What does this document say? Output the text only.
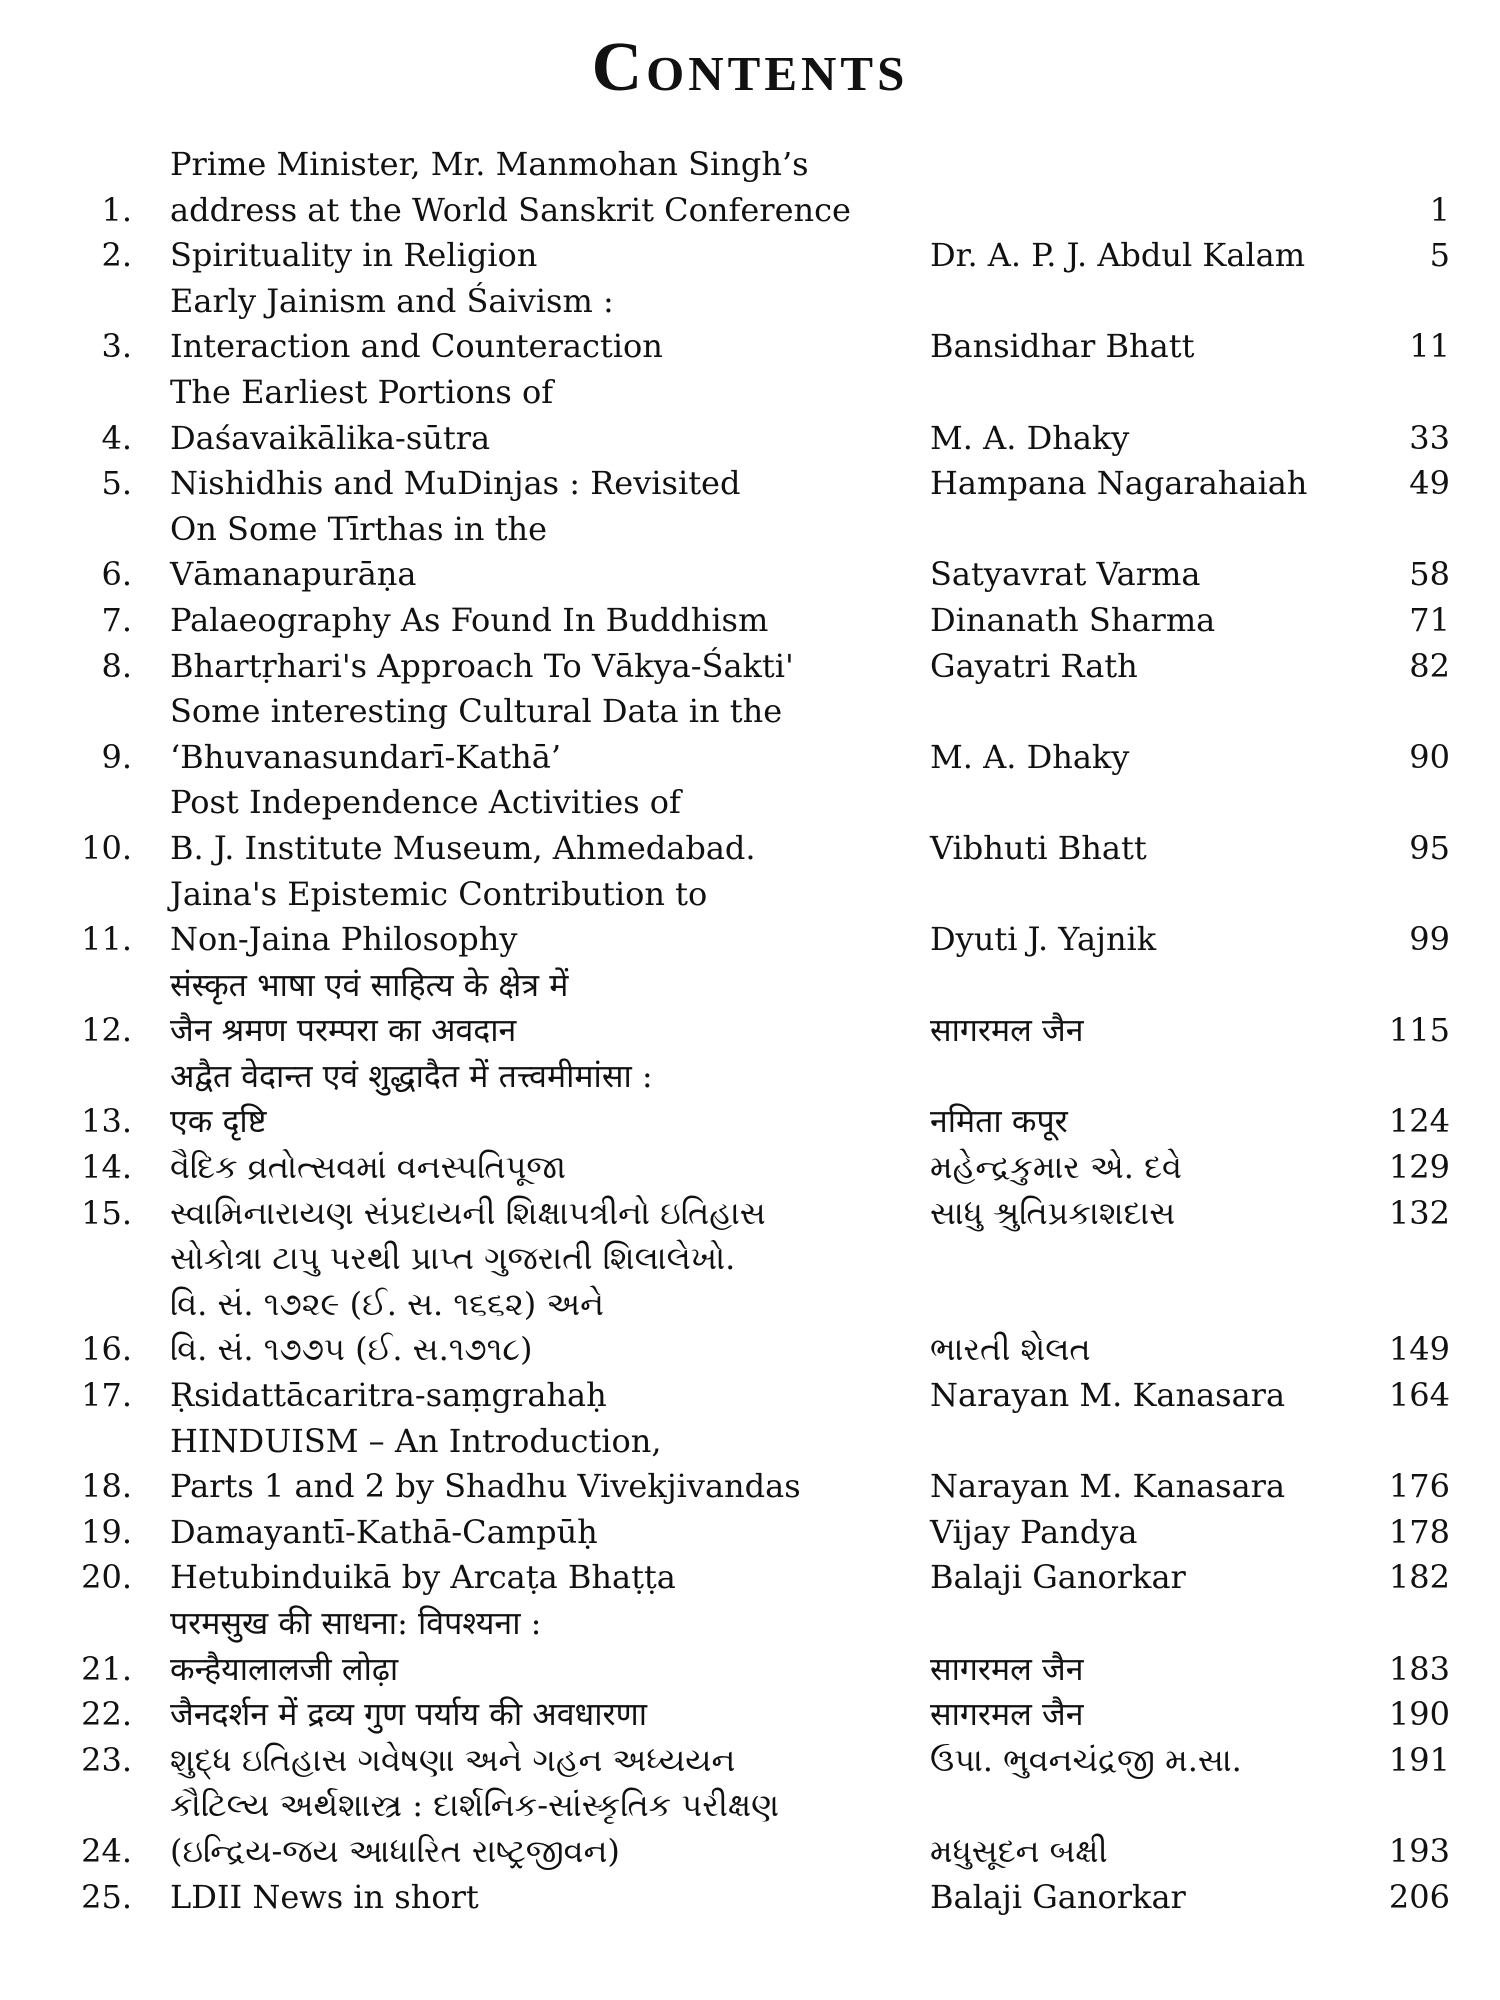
Contents
1.
Prime Minister, Mr. Manmohan Singh’s
address at the World Sanskrit Conference	1
2.	Spirituality in Religion	Dr. A. P. J. Abdul Kalam	5
3.
Early Jainism and Śaivism :
Interaction and Counteraction	Bansidhar Bhatt	11
4.
The Earliest Portions of
Daśavaikālika-sūtra	M. A. Dhaky	33
5.	Nishidhis and MuDinjas : Revisited	Hampana Nagarahaiah	49
6.
On Some Tīrthas in the
Vāmanapurāṇa	Satyavrat Varma	58
7.	Palaeography As Found In Buddhism	Dinanath Sharma	71
8.	Bhartṛhari's Approach To Vākya-Śakti'	Gayatri Rath	82
9.
Some interesting Cultural Data in the
‘Bhuvanasundarī-Kathā’	M. A. Dhaky	90
10.
Post Independence Activities of
B. J. Institute Museum, Ahmedabad.	Vibhuti Bhatt	95
11.
Jaina's Epistemic Contribution to
Non-Jaina Philosophy	Dyuti J. Yajnik	99
12.
संस्कृत भाषा एवं साहित्य के क्षेत्र में
जैन श्रमण परम्परा का अवदान	सागरमल जैन	115
13.
अद्वैत वेदान्त एवं शुद्धादैत में तत्त्वमीमांसा :
एक दृष्टि	नमिता कपूर	124
14.	વૈદિક વ્રતોત્સવમાં વનસ્પતિપૂજા	મહેન્દ્રકુમાર એ. દવે	129
15.	સ્વામિનારાયણ સંપ્રદાયની શિક્ષાપત્રીનો ઇતિહાસ	સાધુ શ્રુતિપ્રકાશદાસ	132
16.
સોકોત્રા ટાપુ પરથી પ્રાપ્ત ગુજરાતી શિલાલેખો.
વિ. સં. ૧૭૨૯ (ઈ. સ. ૧૬૬૨) અને
વિ. સં. ૧૭૭૫ (ઈ. સ.૧૭૧૮)	ભારતી શેલત	149
17.	Ṛsidattācaritra-saṃgrahaḥ	Narayan M. Kanasara	164
18.
HINDUISM – An Introduction,
Parts 1 and 2 by Shadhu Vivekjivandas	Narayan M. Kanasara	176
19.	Damayantī-Kathā-Campūḥ	Vijay Pandya	178
20.	Hetubinduikā by Arcaṭa Bhaṭṭa	Balaji Ganorkar	182
21.
परमसुख की साधना: विपश्यना :
कन्हैयालालजी लोढ़ा	सागरमल जैन	183
22.	जैनदर्शन में द्रव्य गुण पर्याय की अवधारणा	सागरमल जैन	190
23.	શુદ્ધ ઇતિહાસ ગવેષણા અને ગહન અધ્યયન	ઉપા. ભુવનચંદ્રજી મ.સા.	191
24.
કૌટિલ્ય અર્થશાસ્ત્ર : દાર્શનિક-સાંસ્કૃતિક પરીક્ષણ
(ઇન્દ્રિય-જય આધારિત રાષ્ટ્રજીવન)	મધુસૂદન બક્ષી	193
25.	LDII News in short	Balaji Ganorkar	206
